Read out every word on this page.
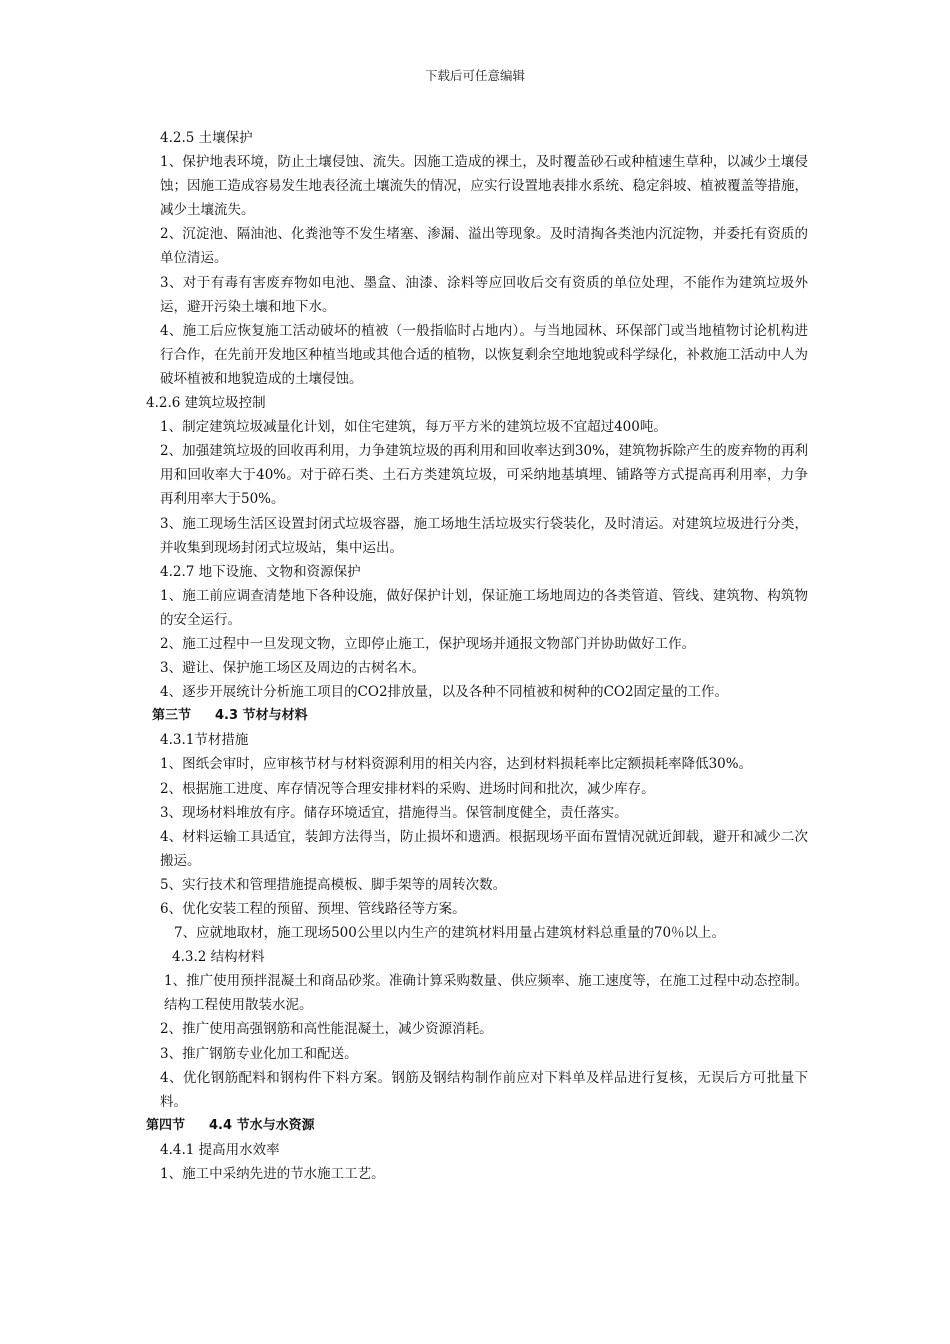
下载后可任意编辑
4.2.5 土壤保护

1、保护地表环境，防止土壤侵蚀、流失。因施工造成的裸土，及时覆盖砂石或种植速生草种，以减少土壤侵蚀；因施工造成容易发生地表径流土壤流失的情况，应实行设置地表排水系统、稳定斜坡、植被覆盖等措施，减少土壤流失。

2、沉淀池、隔油池、化粪池等不发生堵塞、渗漏、溢出等现象。及时清掏各类池内沉淀物，并委托有资质的单位清运。

3、对于有毒有害废弃物如电池、墨盒、油漆、涂料等应回收后交有资质的单位处理，不能作为建筑垃圾外运，避开污染土壤和地下水。

4、施工后应恢复施工活动破坏的植被（一般指临时占地内）。与当地园林、环保部门或当地植物讨论机构进行合作，在先前开发地区种植当地或其他合适的植物，以恢复剩余空地地貌或科学绿化，补救施工活动中人为破坏植被和地貌造成的土壤侵蚀。

4.2.6 建筑垃圾控制

1、制定建筑垃圾减量化计划，如住宅建筑，每万平方米的建筑垃圾不宜超过400吨。

2、加强建筑垃圾的回收再利用，力争建筑垃圾的再利用和回收率达到30%，建筑物拆除产生的废弃物的再利用和回收率大于40%。对于碎石类、土石方类建筑垃圾，可采纳地基填埋、铺路等方式提高再利用率，力争再利用率大于50%。

3、施工现场生活区设置封闭式垃圾容器，施工场地生活垃圾实行袋装化，及时清运。对建筑垃圾进行分类，并收集到现场封闭式垃圾站，集中运出。

4.2.7 地下设施、文物和资源保护

1、施工前应调查清楚地下各种设施，做好保护计划，保证施工场地周边的各类管道、管线、建筑物、构筑物的安全运行。

2、施工过程中一旦发现文物，立即停止施工，保护现场并通报文物部门并协助做好工作。

3、避让、保护施工场区及周边的古树名木。

4、逐步开展统计分析施工项目的CO2排放量，以及各种不同植被和树种的CO2固定量的工作。

第三节 4.3 节材与材料
4.3.1节材措施

1、图纸会审时，应审核节材与材料资源利用的相关内容，达到材料损耗率比定额损耗率降低30%。

2、根据施工进度、库存情况等合理安排材料的采购、进场时间和批次，减少库存。

3、现场材料堆放有序。储存环境适宜，措施得当。保管制度健全，责任落实。

4、材料运输工具适宜，装卸方法得当，防止损坏和遗洒。根据现场平面布置情况就近卸载，避开和减少二次搬运。

5、实行技术和管理措施提高模板、脚手架等的周转次数。

6、优化安装工程的预留、预埋、管线路径等方案。

7、应就地取材，施工现场500公里以内生产的建筑材料用量占建筑材料总重量的70％以上。

4.3.2 结构材料

1、推广使用预拌混凝土和商品砂浆。准确计算采购数量、供应频率、施工速度等，在施工过程中动态控制。结构工程使用散装水泥。

2、推广使用高强钢筋和高性能混凝土，减少资源消耗。

3、推广钢筋专业化加工和配送。

4、优化钢筋配料和钢构件下料方案。钢筋及钢结构制作前应对下料单及样品进行复核，无误后方可批量下料。

第四节 4.4 节水与水资源
4.4.1 提高用水效率

1、施工中采纳先进的节水施工工艺。
